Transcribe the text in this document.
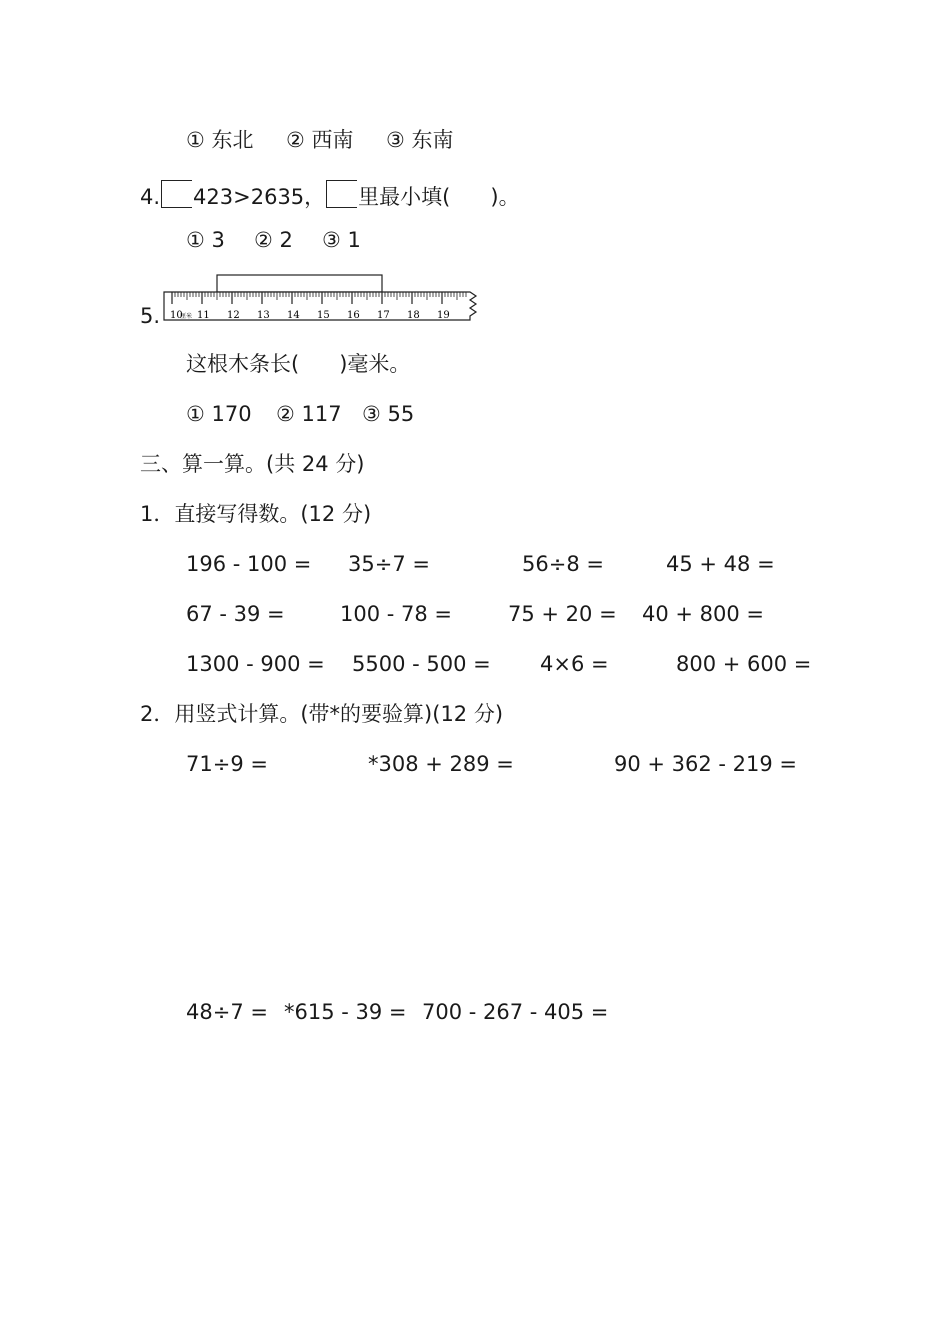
① 东北 ② 西南 ③ 东南
4. 423>2635， 里最小填( )。
① 3 ② 2 ③ 1
5. 10
厘米 11 12 13 14 15 16 17 18 19
这根木条长( )毫米。
① 170 ② 117 ③ 55
三、算一算。(共 24 分)
1．直接写得数。(12 分)
196 - 100 = 35÷7 =	56÷8 =	45 + 48 =
67 - 39 =	100 - 78 =	75 + 20 = 40 + 800 =
1300 - 900 = 5500 - 500 = 4×6 =	800 + 600 =
2．用竖式计算。(带*的要验算)(12 分)
71÷9 =	*308 + 289 =	90 + 362 - 219 =
48÷7 = *615 - 39 = 700 - 267 - 405 =
